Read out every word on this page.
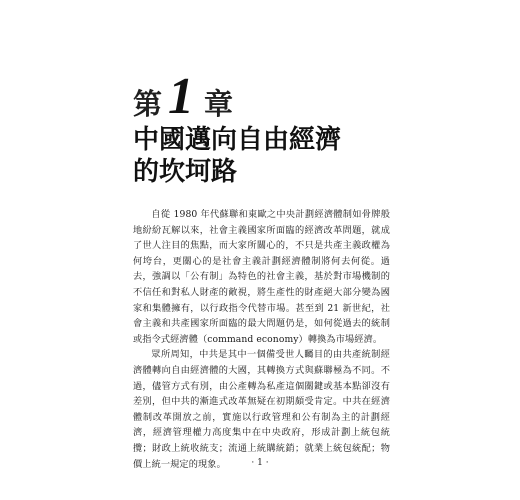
第 1 章
中國邁向自由經濟
的坎坷路

自從 1980 年代蘇聯和東歐之中央計劃經濟體制如骨牌般地紛紛瓦解以來，社會主義國家所面臨的經濟改革問題，就成了世人注目的焦點，而大家所關心的，不只是共產主義政權為何垮台，更關心的是社會主義計劃經濟體制將何去何從。過去，強調以「公有制」為特色的社會主義，基於對市場機制的不信任和對私人財產的敵視，將生產性的財產絕大部分變為國家和集體擁有，以行政指令代替市場。甚至到 21 新世紀，社會主義和共產國家所面臨的最大問題仍是，如何從過去的統制或指令式經濟體（command economy）轉換為市場經濟。

眾所周知，中共是其中一個備受世人矚目的由共產統制經濟體轉向自由經濟體的大國，其轉換方式與蘇聯極為不同。不過，儘管方式有別，由公產轉為私產這個關鍵或基本點卻沒有差別，但中共的漸進式改革無疑在初期頗受肯定。中共在經濟體制改革開放之前，實施以行政管理和公有制為主的計劃經濟，經濟管理權力高度集中在中央政府，形成計劃上統包統攬；財政上統收統支；流通上統購統銷；就業上統包統配；物價上統一規定的現象。	· 1 ·
